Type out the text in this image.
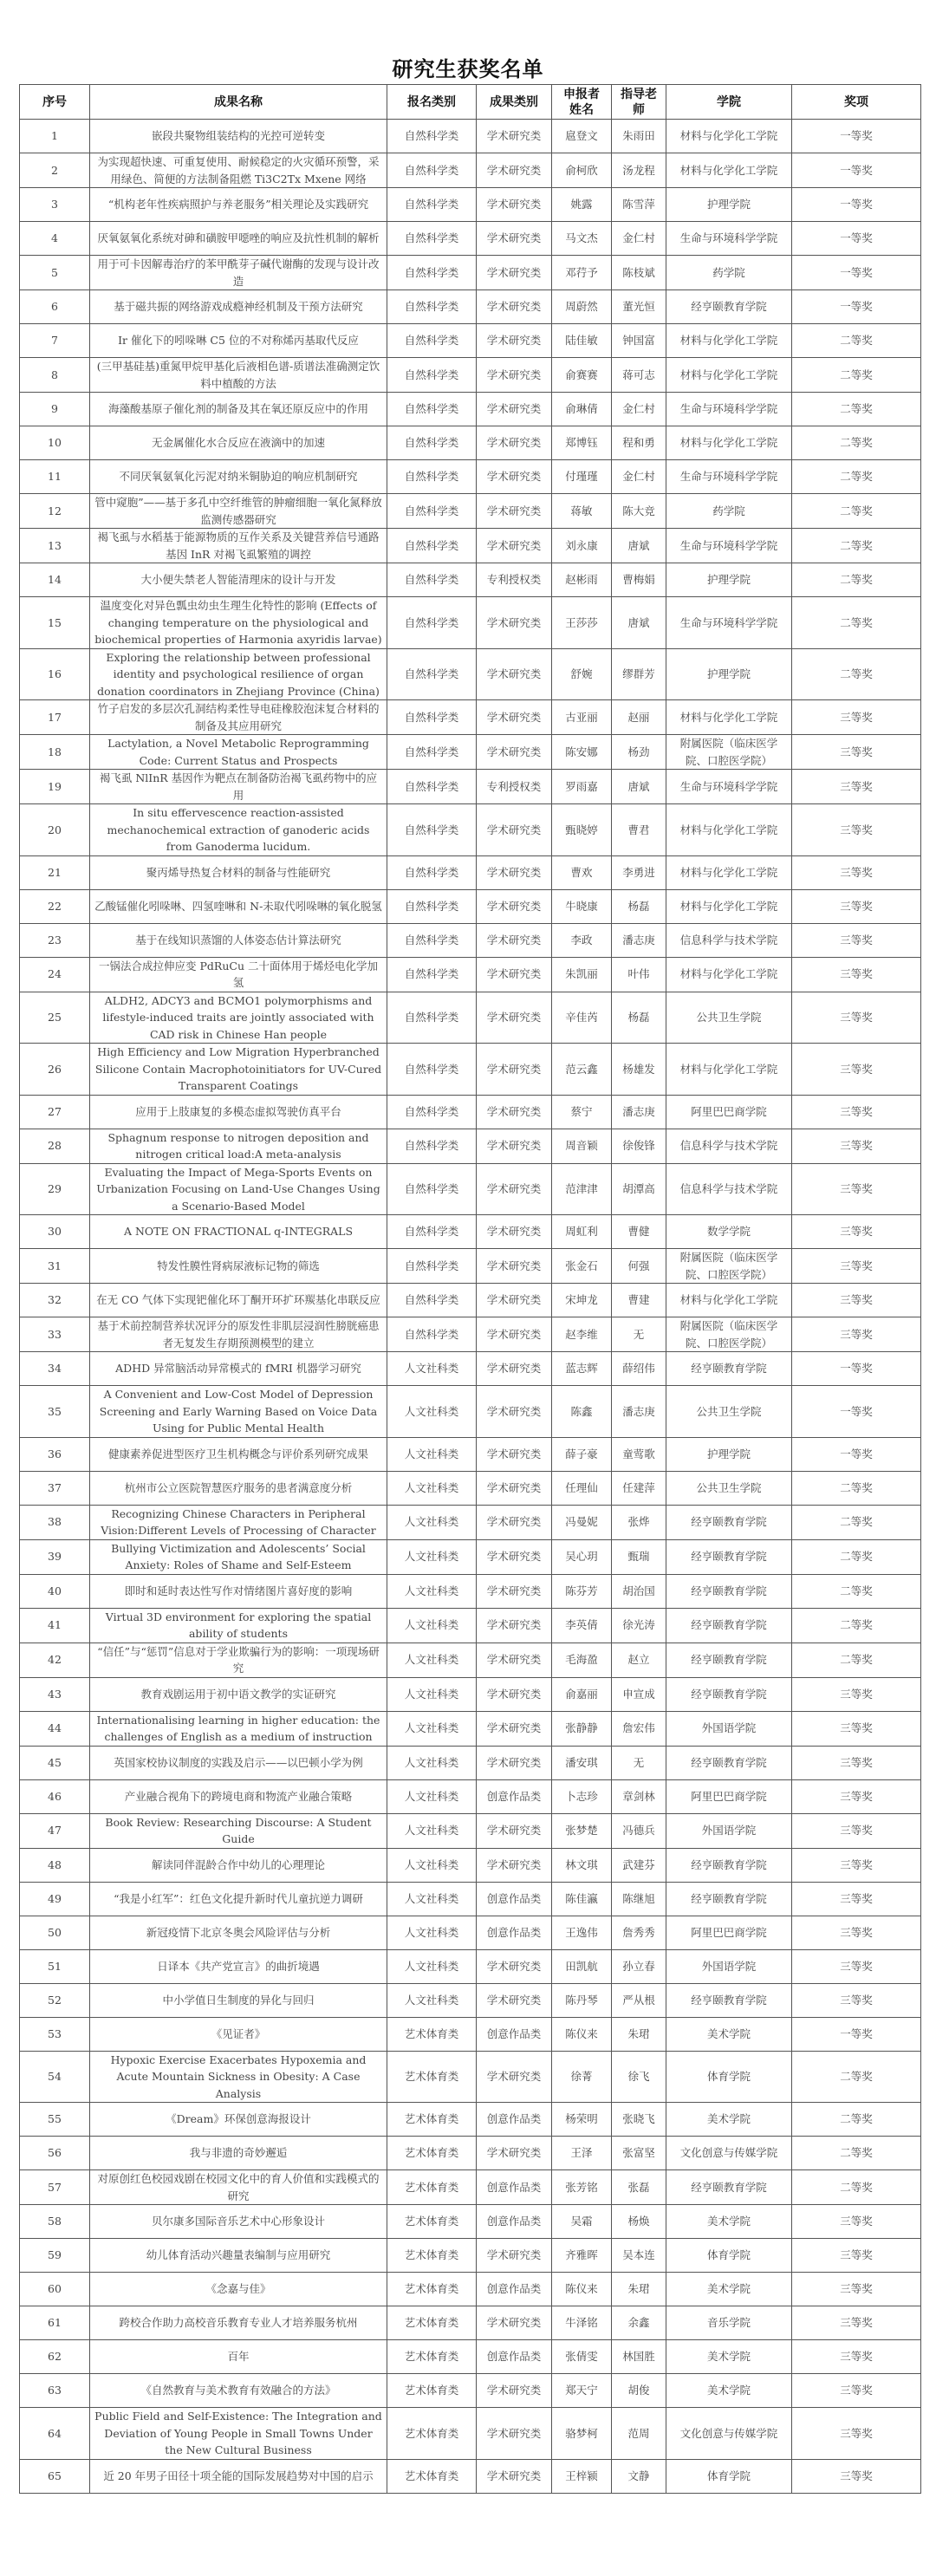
研究生获奖名单
序号	成果名称	报名类别	成果类别	申报者姓名	指导老师	学院	奖项
1	嵌段共聚物组装结构的光控可逆转变	自然科学类	学术研究类	扈登文	朱雨田	材料与化学化工学院	一等奖
2	为实现超快速、可重复使用、耐候稳定的火灾循环预警，采用绿色、简便的方法制备阻燃 Ti3C2Tx Mxene 网络	自然科学类	学术研究类	俞柯欣	汤龙程	材料与化学化工学院	一等奖
3	“机构老年性疾病照护与养老服务”相关理论及实践研究	自然科学类	学术研究类	姚露	陈雪萍	护理学院	一等奖
4	厌氧氨氧化系统对砷和磺胺甲噁唑的响应及抗性机制的解析	自然科学类	学术研究类	马文杰	金仁村	生命与环境科学学院	一等奖
5	用于可卡因解毒治疗的苯甲酰芽子碱代谢酶的发现与设计改造	自然科学类	学术研究类	邓荇予	陈枝斌	药学院	一等奖
6	基于磁共振的网络游戏成瘾神经机制及干预方法研究	自然科学类	学术研究类	周蔚然	董光恒	经亨颐教育学院	一等奖
7	Ir 催化下的吲哚啉 C5 位的不对称烯丙基取代反应	自然科学类	学术研究类	陆佳敏	钟国富	材料与化学化工学院	二等奖
8	(三甲基硅基)重氮甲烷甲基化后液相色谱-质谱法准确测定饮料中植酸的方法	自然科学类	学术研究类	俞赛赛	蒋可志	材料与化学化工学院	二等奖
9	海藻酸基原子催化剂的制备及其在氧还原反应中的作用	自然科学类	学术研究类	俞琳倩	金仁村	生命与环境科学学院	二等奖
10	无金属催化水合反应在液滴中的加速	自然科学类	学术研究类	郑博钰	程和勇	材料与化学化工学院	二等奖
11	不同厌氧氨氧化污泥对纳米铜胁迫的响应机制研究	自然科学类	学术研究类	付瑾瑾	金仁村	生命与环境科学学院	二等奖
12	管中窥胞”——基于多孔中空纤维管的肿瘤细胞一氧化氮释放监测传感器研究	自然科学类	学术研究类	蒋敏	陈大竞	药学院	二等奖
13	褐飞虱与水稻基于能源物质的互作关系及关键营养信号通路基因 InR 对褐飞虱繁殖的调控	自然科学类	学术研究类	刘永康	唐斌	生命与环境科学学院	二等奖
14	大小便失禁老人智能清理床的设计与开发	自然科学类	专利授权类	赵彬雨	曹梅娟	护理学院	二等奖
15	温度变化对异色瓢虫幼虫生理生化特性的影响 (Effects of changing temperature on the physiological and biochemical properties of Harmonia axyridis larvae)	自然科学类	学术研究类	王莎莎	唐斌	生命与环境科学学院	二等奖
16	Exploring the relationship between professional identity and psychological resilience of organ donation coordinators in Zhejiang Province (China)	自然科学类	学术研究类	舒婉	缪群芳	护理学院	二等奖
17	竹子启发的多层次孔洞结构柔性导电硅橡胶泡沫复合材料的制备及其应用研究	自然科学类	学术研究类	古亚丽	赵丽	材料与化学化工学院	三等奖
18	Lactylation, a Novel Metabolic Reprogramming Code: Current Status and Prospects	自然科学类	学术研究类	陈安娜	杨劲	附属医院（临床医学院、口腔医学院）	三等奖
19	褐飞虱 NlInR 基因作为靶点在制备防治褐飞虱药物中的应用	自然科学类	专利授权类	罗雨嘉	唐斌	生命与环境科学学院	三等奖
20	In situ effervescence reaction-assisted mechanochemical extraction of ganoderic acids from Ganoderma lucidum.	自然科学类	学术研究类	甄晓婷	曹君	材料与化学化工学院	三等奖
21	聚丙烯导热复合材料的制备与性能研究	自然科学类	学术研究类	曹欢	李勇进	材料与化学化工学院	三等奖
22	乙酸锰催化吲哚啉、四氢喹啉和 N-未取代吲哚啉的氧化脱氢	自然科学类	学术研究类	牛晓康	杨磊	材料与化学化工学院	三等奖
23	基于在线知识蒸馏的人体姿态估计算法研究	自然科学类	学术研究类	李政	潘志庚	信息科学与技术学院	三等奖
24	一锅法合成拉伸应变 PdRuCu 二十面体用于烯烃电化学加氢	自然科学类	学术研究类	朱凯丽	叶伟	材料与化学化工学院	三等奖
25	ALDH2, ADCY3 and BCMO1 polymorphisms and lifestyle-induced traits are jointly associated with CAD risk in Chinese Han people	自然科学类	学术研究类	辛佳芮	杨磊	公共卫生学院	三等奖
26	High Efficiency and Low Migration Hyperbranched Silicone Contain Macrophotoinitiators for UV-Cured Transparent Coatings	自然科学类	学术研究类	范云鑫	杨雄发	材料与化学化工学院	三等奖
27	应用于上肢康复的多模态虚拟驾驶仿真平台	自然科学类	学术研究类	蔡宁	潘志庚	阿里巴巴商学院	三等奖
28	Sphagnum response to nitrogen deposition and nitrogen critical load:A meta-analysis	自然科学类	学术研究类	周音颖	徐俊锋	信息科学与技术学院	三等奖
29	Evaluating the Impact of Mega-Sports Events on Urbanization Focusing on Land-Use Changes Using a Scenario-Based Model	自然科学类	学术研究类	范津津	胡潭高	信息科学与技术学院	三等奖
30	A NOTE ON FRACTIONAL q-INTEGRALS	自然科学类	学术研究类	周虹利	曹健	数学学院	三等奖
31	特发性膜性肾病尿液标记物的筛选	自然科学类	学术研究类	张金石	何强	附属医院（临床医学院、口腔医学院）	三等奖
32	在无 CO 气体下实现钯催化环丁酮开环扩环羰基化串联反应	自然科学类	学术研究类	宋坤龙	曹建	材料与化学化工学院	三等奖
33	基于术前控制营养状况评分的原发性非肌层浸润性膀胱癌患者无复发生存期预测模型的建立	自然科学类	学术研究类	赵李维	无	附属医院（临床医学院、口腔医学院）	三等奖
34	ADHD 异常脑活动异常模式的 fMRI 机器学习研究	人文社科类	学术研究类	蓝志辉	薛绍伟	经亨颐教育学院	一等奖
35	A Convenient and Low-Cost Model of Depression Screening and Early Warning Based on Voice Data Using for Public Mental Health	人文社科类	学术研究类	陈鑫	潘志庚	公共卫生学院	一等奖
36	健康素养促进型医疗卫生机构概念与评价系列研究成果	人文社科类	学术研究类	薛子豪	童莺歌	护理学院	一等奖
37	杭州市公立医院智慧医疗服务的患者满意度分析	人文社科类	学术研究类	任理仙	任建萍	公共卫生学院	二等奖
38	Recognizing Chinese Characters in Peripheral Vision:Different Levels of Processing of Character	人文社科类	学术研究类	冯曼妮	张烨	经亨颐教育学院	二等奖
39	Bullying Victimization and Adolescents’ Social Anxiety: Roles of Shame and Self-Esteem	人文社科类	学术研究类	吴心玥	甄瑞	经亨颐教育学院	二等奖
40	即时和延时表达性写作对情绪图片喜好度的影响	人文社科类	学术研究类	陈芬芳	胡治国	经亨颐教育学院	二等奖
41	Virtual 3D environment for exploring the spatial ability of students	人文社科类	学术研究类	李英倩	徐光涛	经亨颐教育学院	二等奖
42	“信任”与“惩罚”信息对于学业欺骗行为的影响：一项现场研究	人文社科类	学术研究类	毛海盈	赵立	经亨颐教育学院	二等奖
43	教育戏剧运用于初中语文教学的实证研究	人文社科类	学术研究类	俞嘉丽	申宣成	经亨颐教育学院	三等奖
44	Internationalising learning in higher education: the challenges of English as a medium of instruction	人文社科类	学术研究类	张静静	詹宏伟	外国语学院	三等奖
45	英国家校协议制度的实践及启示——以巴顿小学为例	人文社科类	学术研究类	潘安琪	无	经亨颐教育学院	三等奖
46	产业融合视角下的跨境电商和物流产业融合策略	人文社科类	创意作品类	卜志珍	章剑林	阿里巴巴商学院	三等奖
47	Book Review: Researching Discourse: A Student Guide	人文社科类	学术研究类	张梦楚	冯德兵	外国语学院	三等奖
48	解读同伴混龄合作中幼儿的心理理论	人文社科类	学术研究类	林文琪	武建芬	经亨颐教育学院	三等奖
49	“我是小红军”：红色文化提升新时代儿童抗逆力调研	人文社科类	创意作品类	陈佳瀛	陈继旭	经亨颐教育学院	三等奖
50	新冠疫情下北京冬奥会风险评估与分析	人文社科类	创意作品类	王逸伟	詹秀秀	阿里巴巴商学院	三等奖
51	日译本《共产党宣言》的曲折境遇	人文社科类	学术研究类	田凯航	孙立春	外国语学院	三等奖
52	中小学值日生制度的异化与回归	人文社科类	学术研究类	陈丹琴	严从根	经亨颐教育学院	三等奖
53	《见证者》	艺术体育类	创意作品类	陈仪来	朱珺	美术学院	一等奖
54	Hypoxic Exercise Exacerbates Hypoxemia and Acute Mountain Sickness in Obesity: A Case Analysis	艺术体育类	学术研究类	徐菁	徐飞	体育学院	二等奖
55	《Dream》环保创意海报设计	艺术体育类	创意作品类	杨荣明	张晓飞	美术学院	二等奖
56	我与非遗的奇妙邂逅	艺术体育类	学术研究类	王泽	张富坚	文化创意与传媒学院	二等奖
57	对原创红色校园戏剧在校园文化中的育人价值和实践模式的研究	艺术体育类	创意作品类	张芳铭	张磊	经亨颐教育学院	二等奖
58	贝尔康多国际音乐艺术中心形象设计	艺术体育类	创意作品类	吴霜	杨焕	美术学院	三等奖
59	幼儿体育活动兴趣量表编制与应用研究	艺术体育类	学术研究类	齐雅晖	吴本连	体育学院	三等奖
60	《念嘉与佳》	艺术体育类	创意作品类	陈仪来	朱珺	美术学院	三等奖
61	跨校合作助力高校音乐教育专业人才培养服务杭州	艺术体育类	学术研究类	牛泽铭	余鑫	音乐学院	三等奖
62	百年	艺术体育类	创意作品类	张倩雯	林国胜	美术学院	三等奖
63	《自然教育与美术教育有效融合的方法》	艺术体育类	学术研究类	郑天宁	胡俊	美术学院	三等奖
64	Public Field and Self-Existence: The Integration and Deviation of Young People in Small Towns Under the New Cultural Business	艺术体育类	学术研究类	骆梦柯	范周	文化创意与传媒学院	三等奖
65	近 20 年男子田径十项全能的国际发展趋势对中国的启示	艺术体育类	学术研究类	王梓颍	文静	体育学院	三等奖
